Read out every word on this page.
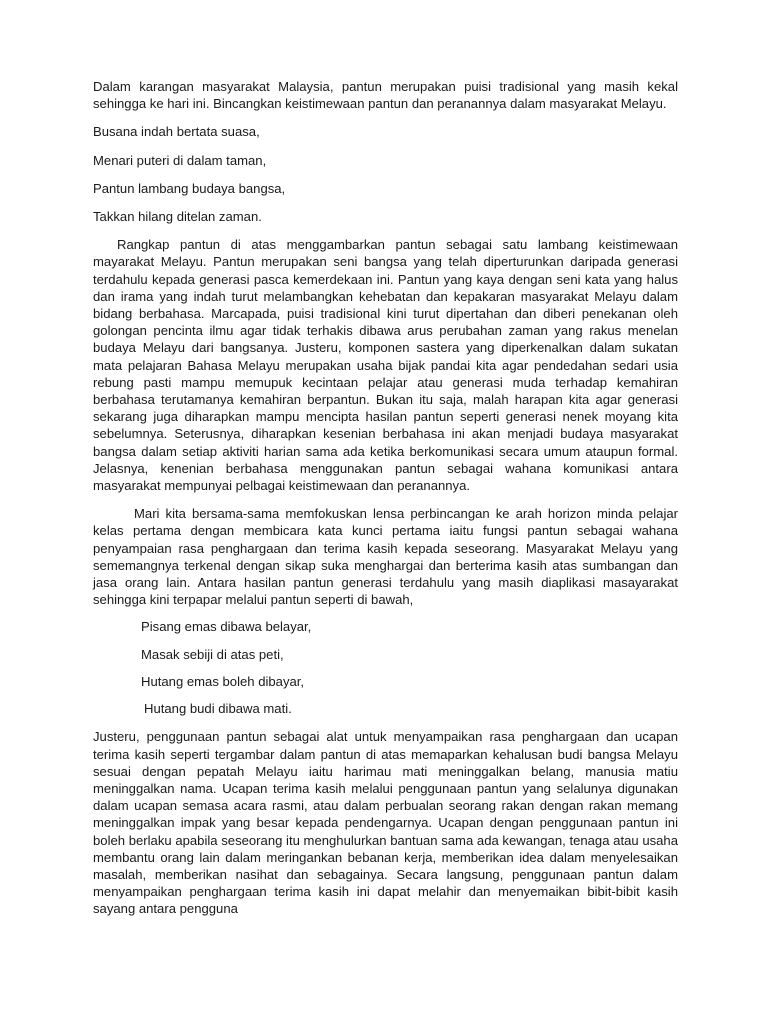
Dalam karangan masyarakat Malaysia, pantun merupakan puisi tradisional yang masih kekal sehingga ke hari ini. Bincangkan keistimewaan pantun dan peranannya dalam masyarakat Melayu.

Busana indah bertata suasa,

Menari puteri di dalam taman,

Pantun lambang budaya bangsa,

Takkan hilang ditelan zaman.

Rangkap pantun di atas menggambarkan pantun sebagai satu lambang keistimewaan mayarakat Melayu. Pantun merupakan seni bangsa yang telah diperturunkan daripada generasi terdahulu kepada generasi pasca kemerdekaan ini. Pantun yang kaya dengan seni kata yang halus dan irama yang indah turut melambangkan kehebatan dan kepakaran masyarakat Melayu dalam bidang berbahasa. Marcapada, puisi tradisional kini turut dipertahan dan diberi penekanan oleh golongan pencinta ilmu agar tidak terhakis dibawa arus perubahan zaman yang rakus menelan budaya Melayu dari bangsanya. Justeru, komponen sastera yang diperkenalkan dalam sukatan mata pelajaran Bahasa Melayu merupakan usaha bijak pandai kita agar pendedahan sedari usia rebung pasti mampu memupuk kecintaan pelajar atau generasi muda terhadap kemahiran berbahasa terutamanya kemahiran berpantun. Bukan itu saja, malah harapan kita agar generasi sekarang juga diharapkan mampu mencipta hasilan pantun seperti generasi nenek moyang kita sebelumnya. Seterusnya, diharapkan kesenian berbahasa ini akan menjadi budaya masyarakat bangsa dalam setiap aktiviti harian sama ada ketika berkomunikasi secara umum ataupun formal. Jelasnya, kenenian berbahasa menggunakan pantun sebagai wahana komunikasi antara masyarakat mempunyai pelbagai keistimewaan dan peranannya.

Mari kita bersama-sama memfokuskan lensa perbincangan ke arah horizon minda pelajar kelas pertama dengan membicara kata kunci pertama iaitu fungsi pantun sebagai wahana penyampaian rasa penghargaan dan terima kasih kepada seseorang. Masyarakat Melayu yang sememangnya terkenal dengan sikap suka menghargai dan berterima kasih atas sumbangan dan jasa orang lain. Antara hasilan pantun generasi terdahulu yang masih diaplikasi masayarakat sehingga kini terpapar melalui pantun seperti di bawah,

Pisang emas dibawa belayar,

Masak sebiji di atas peti,

Hutang emas boleh dibayar,

Hutang budi dibawa mati.

Justeru, penggunaan pantun sebagai alat untuk menyampaikan rasa penghargaan dan ucapan terima kasih seperti tergambar dalam pantun di atas memaparkan kehalusan budi bangsa Melayu sesuai dengan pepatah Melayu iaitu harimau mati meninggalkan belang, manusia matiu meninggalkan nama. Ucapan terima kasih melalui penggunaan pantun yang selalunya digunakan dalam ucapan semasa acara rasmi, atau dalam perbualan seorang rakan dengan rakan memang meninggalkan impak yang besar kepada pendengarnya. Ucapan dengan penggunaan pantun ini boleh berlaku apabila seseorang itu menghulurkan bantuan sama ada kewangan, tenaga atau usaha membantu orang lain dalam meringankan bebanan kerja, memberikan idea dalam menyelesaikan masalah, memberikan nasihat dan sebagainya. Secara langsung, penggunaan pantun dalam menyampaikan penghargaan terima kasih ini dapat melahir dan menyemaikan bibit-bibit kasih sayang antara pengguna
